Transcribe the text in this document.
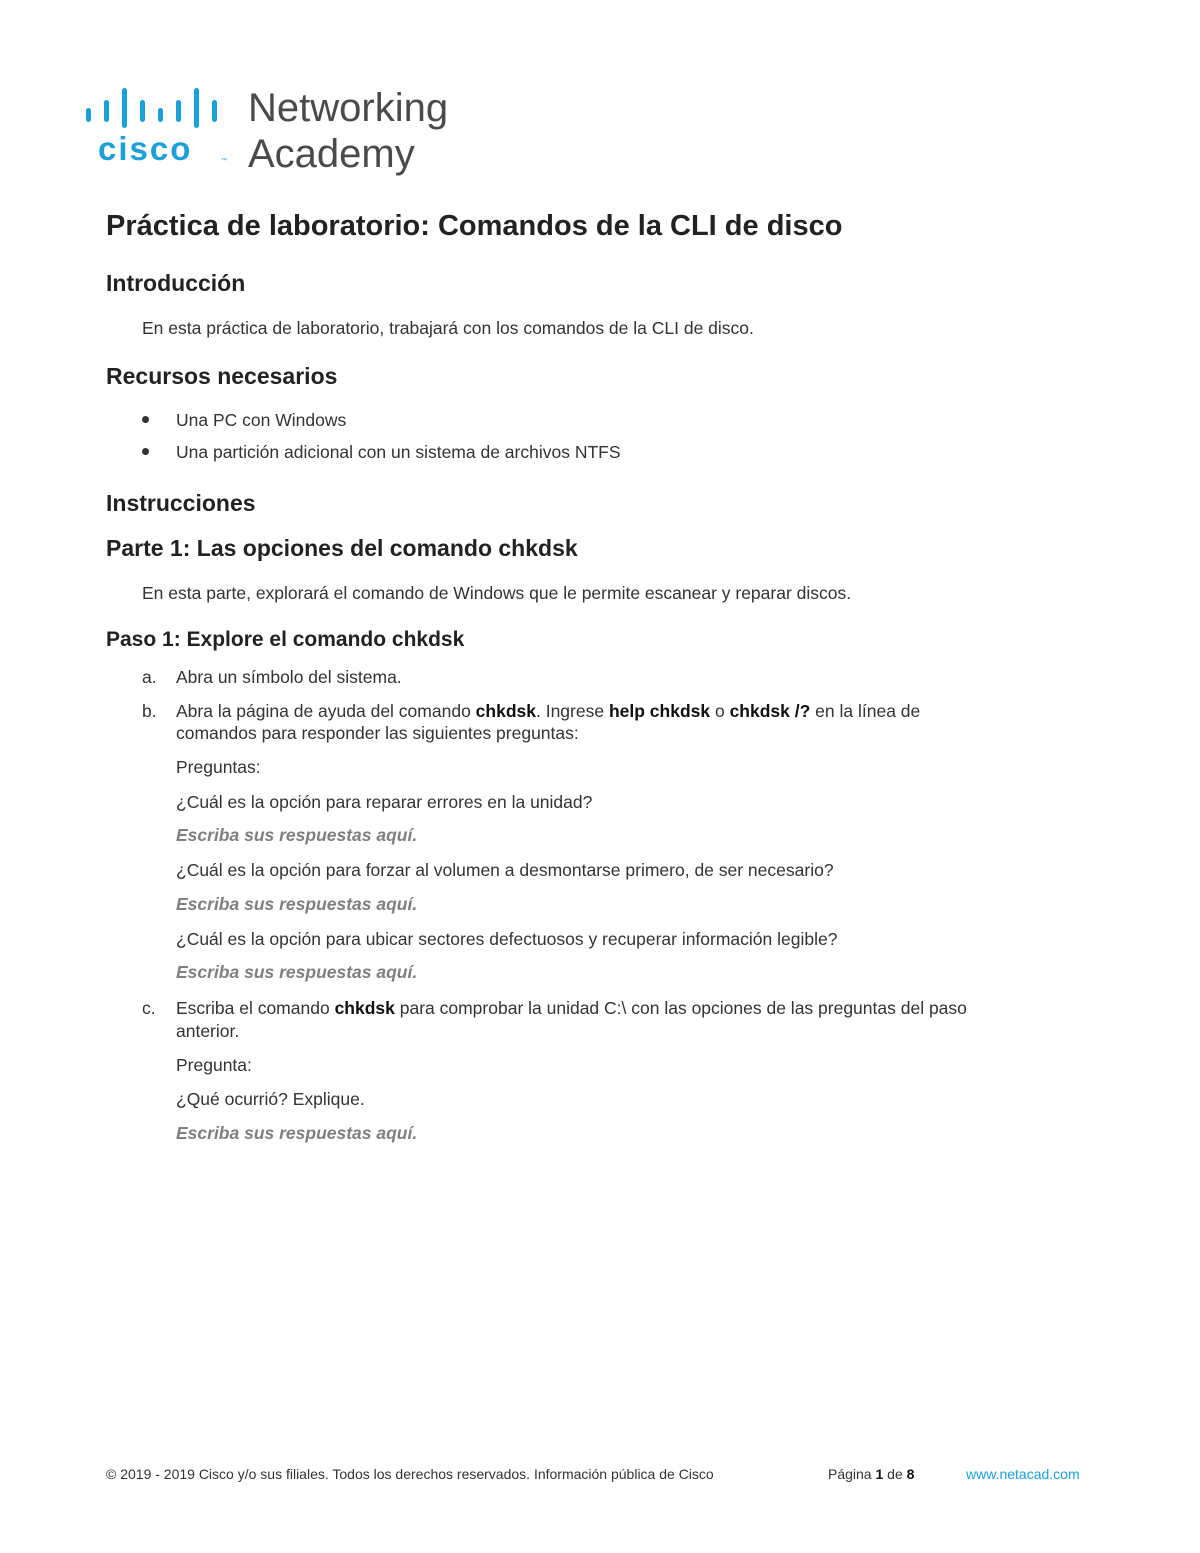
cisco	™
Networking
Academy
Práctica de laboratorio: Comandos de la CLI de disco
Introducción
En esta práctica de laboratorio, trabajará con los comandos de la CLI de disco.
Recursos necesarios
Una PC con Windows
Una partición adicional con un sistema de archivos NTFS
Instrucciones
Parte 1: Las opciones del comando chkdsk
En esta parte, explorará el comando de Windows que le permite escanear y reparar discos.
Paso 1: Explore el comando chkdsk
a. Abra un símbolo del sistema.
b. Abra la página de ayuda del comando chkdsk. Ingrese help chkdsk o chkdsk /? en la línea de
comandos para responder las siguientes preguntas:
Preguntas:
¿Cuál es la opción para reparar errores en la unidad?
Escriba sus respuestas aquí.
¿Cuál es la opción para forzar al volumen a desmontarse primero, de ser necesario?
Escriba sus respuestas aquí.
¿Cuál es la opción para ubicar sectores defectuosos y recuperar información legible?
Escriba sus respuestas aquí.
c. Escriba el comando chkdsk para comprobar la unidad C:\ con las opciones de las preguntas del paso
anterior.
Pregunta:
¿Qué ocurrió? Explique.
Escriba sus respuestas aquí.
© 2019 - 2019 Cisco y/o sus filiales. Todos los derechos reservados. Información pública de Cisco	Página 1 de 8	www.netacad.com
